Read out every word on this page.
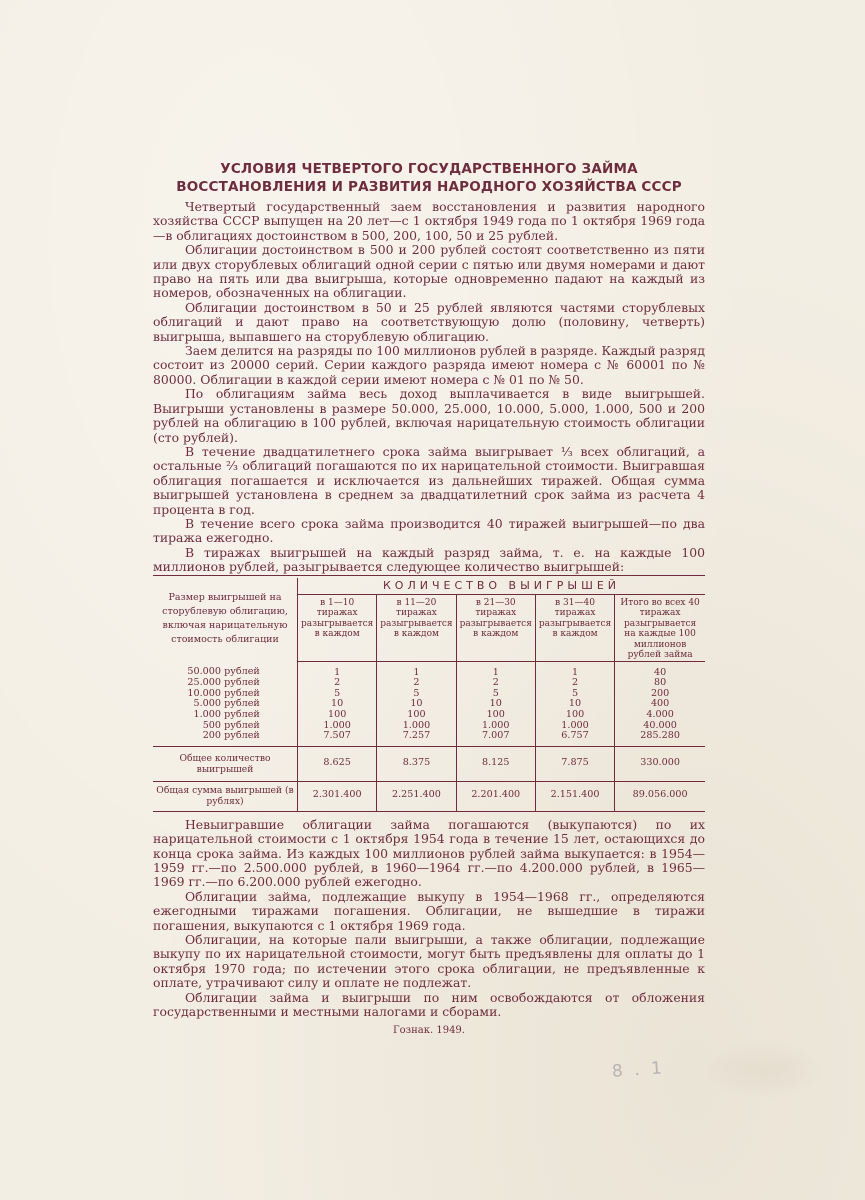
УСЛОВИЯ ЧЕТВЕРТОГО ГОСУДАРСТВЕННОГО ЗАЙМА
ВОССТАНОВЛЕНИЯ И РАЗВИТИЯ НАРОДНОГО ХОЗЯЙСТВА СССР

Четвертый государственный заем восстановления и развития народного хозяйства СССР выпущен на 20 лет—с 1 октября 1949 года по 1 октября 1969 года—в облигациях достоинством в 500, 200, 100, 50 и 25 рублей.

Облигации достоинством в 500 и 200 рублей состоят соответственно из пяти или двух сторублевых облигаций одной серии с пятью или двумя номерами и дают право на пять или два выигрыша, которые одновременно падают на каждый из номеров, обозначенных на облигации.

Облигации достоинством в 50 и 25 рублей являются частями сторублевых облигаций и дают право на соответствующую долю (половину, четверть) выигрыша, выпавшего на сторублевую облигацию.

Заем делится на разряды по 100 миллионов рублей в разряде. Каждый разряд состоит из 20000 серий. Серии каждого разряда имеют номера с № 60001 по № 80000. Облигации в каждой серии имеют номера с № 01 по № 50.

По облигациям займа весь доход выплачивается в виде выигрышей. Выигрыши установлены в размере 50.000, 25.000, 10.000, 5.000, 1.000, 500 и 200 рублей на облигацию в 100 рублей, включая нарицательную стоимость облигации (сто рублей).

В течение двадцатилетнего срока займа выигрывает ⅓ всех облигаций, а остальные ⅔ облигаций погашаются по их нарицательной стоимости. Выигравшая облигация погашается и исключается из дальнейших тиражей. Общая сумма выигрышей установлена в среднем за двадцатилетний срок займа из расчета 4 процента в год.

В течение всего срока займа производится 40 тиражей выигрышей—по два тиража ежегодно.

В тиражах выигрышей на каждый разряд займа, т. е. на каждые 100 миллионов рублей, разыгрывается следующее количество выигрышей:

Размер выигрышей на сторублевую облигацию, включая нарицательную стоимость облигации	КОЛИЧЕСТВО ВЫИГРЫШЕЙ				
	в 1—10 тиражах разыгрывается в каждом	в 11—20 тиражах разыгрывается в каждом	в 21—30 тиражах разыгрывается в каждом	в 31—40 тиражах разыгрывается в каждом	Итого во всех 40 тиражах разыгрывается на каждые 100 миллионов рублей займа
50.000 рублей	1	1	1	1	40
25.000 рублей	2	2	2	2	80
10.000 рублей	5	5	5	5	200
5.000 рублей	10	10	10	10	400
1.000 рублей	100	100	100	100	4.000
500 рублей	1.000	1.000	1.000	1.000	40.000
200 рублей	7.507	7.257	7.007	6.757	285.280
Общее количество выигрышей	8.625	8.375	8.125	7.875	330.000
Общая сумма выигрышей (в рублях)	2.301.400	2.251.400	2.201.400	2.151.400	89.056.000

Невыигравшие облигации займа погашаются (выкупаются) по их нарицательной стоимости с 1 октября 1954 года в течение 15 лет, остающихся до конца срока займа. Из каждых 100 миллионов рублей займа выкупается: в 1954—1959 гг.—по 2.500.000 рублей, в 1960—1964 гг.—по 4.200.000 рублей, в 1965—1969 гг.—по 6.200.000 рублей ежегодно.

Облигации займа, подлежащие выкупу в 1954—1968 гг., определяются ежегодными тиражами погашения. Облигации, не вышедшие в тиражи погашения, выкупаются с 1 октября 1969 года.

Облигации, на которые пали выигрыши, а также облигации, подлежащие выкупу по их нарицательной стоимости, могут быть предъявлены для оплаты до 1 октября 1970 года; по истечении этого срока облигации, не предъявленные к оплате, утрачивают силу и оплате не подлежат.

Облигации займа и выигрыши по ним освобождаются от обложения государственными и местными налогами и сборами.

Гознак. 1949.
8 . 1
